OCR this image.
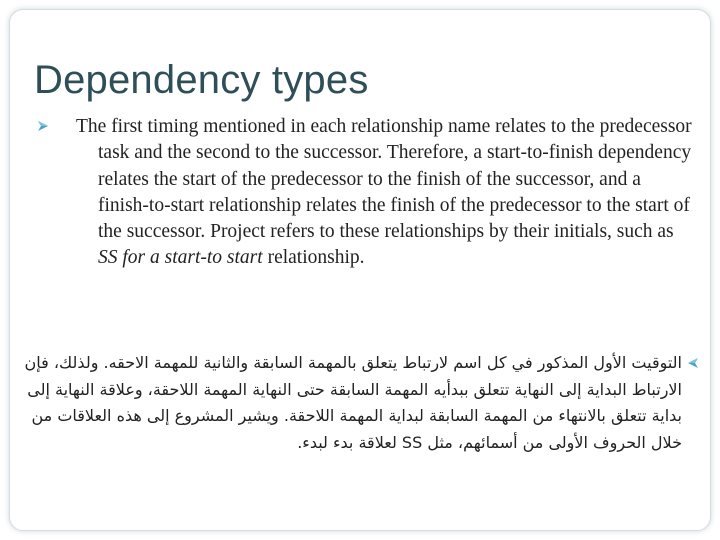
Dependency types
The first timing mentioned in each relationship name relates to the predecessor task and the second to the successor. Therefore, a start-to-finish dependency relates the start of the predecessor to the finish of the successor, and a finish-to-start relationship relates the finish of the predecessor to the start of the successor. Project refers to these relationships by their initials, such as SS for a start-to start relationship.
التوقيت الأول المذكور في كل اسم لارتباط يتعلق بالمهمة السابقة والثانية للمهمة الاحقه. ولذلك، فإن الارتباط البداية إلى النهاية تتعلق ببدأيه المهمة السابقة حتى النهاية المهمة اللاحقة، وعلاقة النهاية إلى بداية تتعلق بالانتهاء من المهمة السابقة لبداية المهمة اللاحقة. ويشير المشروع إلى هذه العلاقات من خلال الحروف الأولى من أسمائهم، مثل SS لعلاقة بدء لبدء.
